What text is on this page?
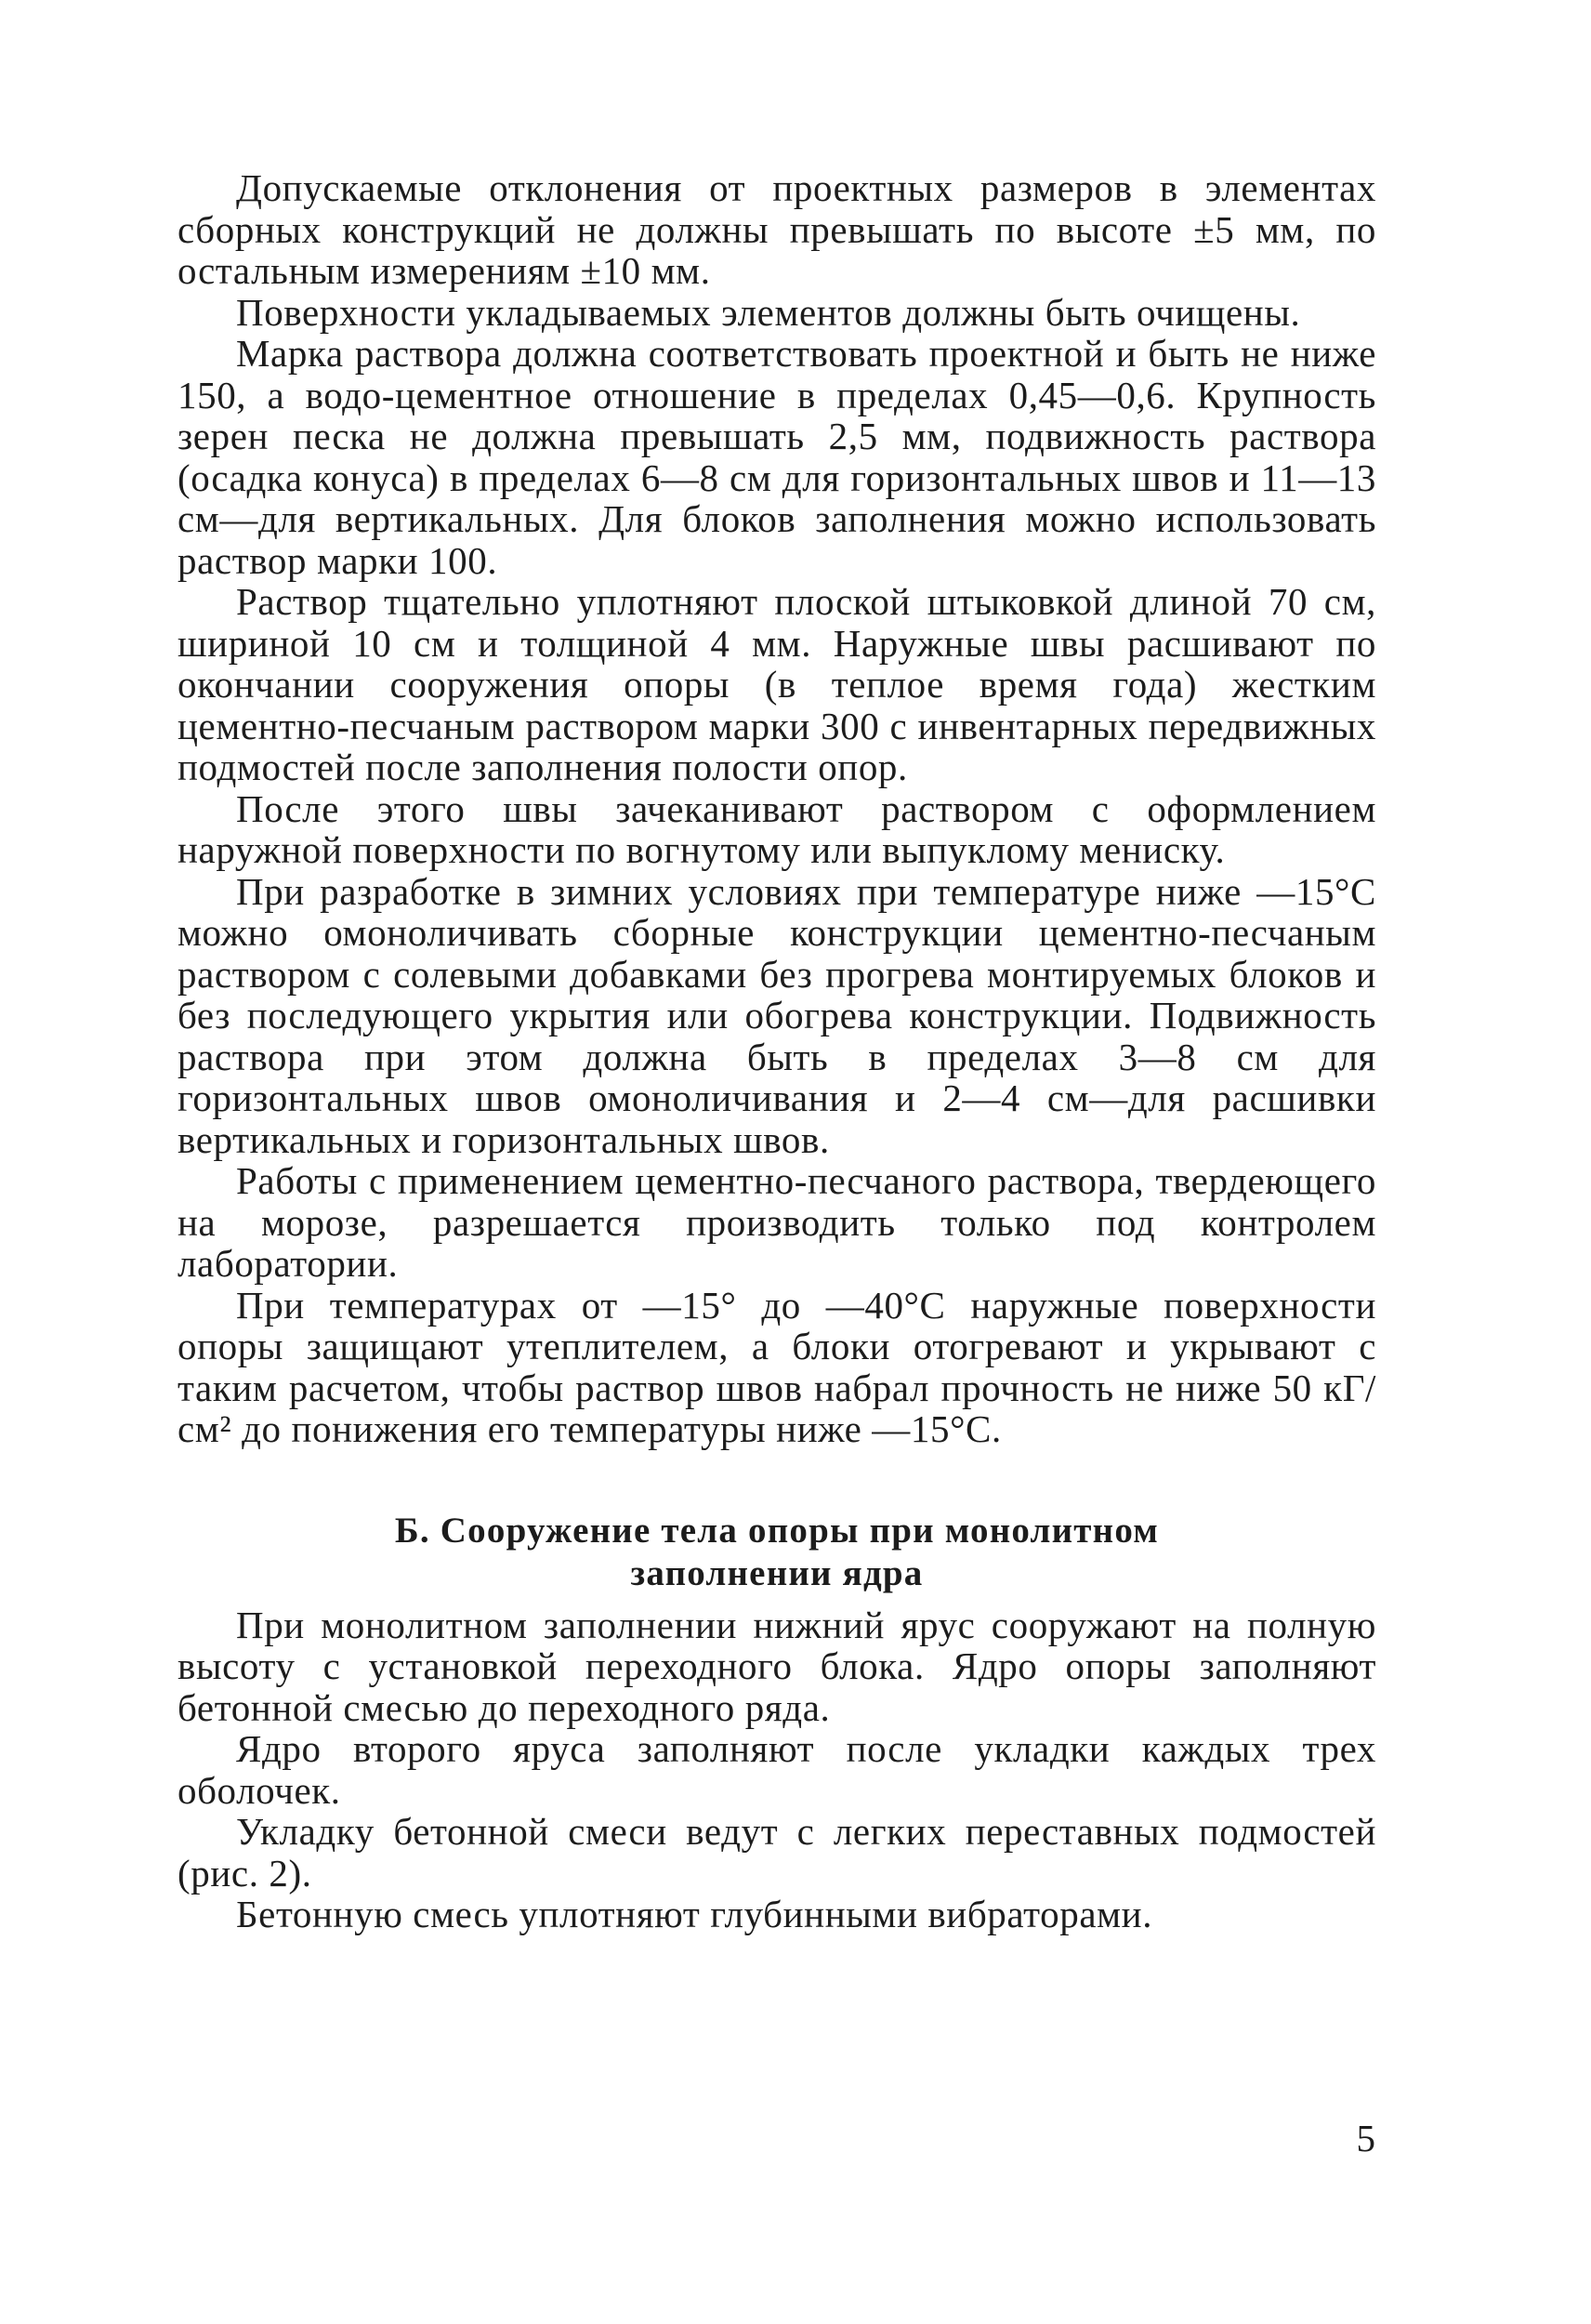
Допускаемые отклонения от проектных размеров в элементах сборных конструкций не должны превышать по высоте ±5 мм, по остальным измерениям ±10 мм.

Поверхности укладываемых элементов должны быть очищены.

Марка раствора должна соответствовать проектной и быть не ниже 150, а водо-цементное отношение в пределах 0,45—0,6. Крупность зерен песка не должна превышать 2,5 мм, подвижность раствора (осадка конуса) в пределах 6—8 см для горизонтальных швов и 11—13 см—для вертикальных. Для блоков заполнения можно использовать раствор марки 100.

Раствор тщательно уплотняют плоской штыковкой длиной 70 см, шириной 10 см и толщиной 4 мм. Наружные швы расшивают по окончании сооружения опоры (в теплое время года) жестким цементно-песчаным раствором марки 300 с инвентарных передвижных подмостей после заполнения полости опор.

После этого швы зачеканивают раствором с оформлением наружной поверхности по вогнутому или выпуклому мениску.

При разработке в зимних условиях при температуре ниже —15°С можно омоноличивать сборные конструкции цементно-песчаным раствором с солевыми добавками без прогрева монтируемых блоков и без последующего укрытия или обогрева конструкции. Подвижность раствора при этом должна быть в пределах 3—8 см для горизонтальных швов омоноличивания и 2—4 см—для расшивки вертикальных и горизонтальных швов.

Работы с применением цементно-песчаного раствора, твердеющего на морозе, разрешается производить только под контролем лаборатории.

При температурах от —15° до —40°С наружные поверхности опоры защищают утеплителем, а блоки отогревают и укрывают с таким расчетом, чтобы раствор швов набрал прочность не ниже 50 кГ/см² до понижения его температуры ниже —15°С.

Б. Сооружение тела опоры при монолитном
заполнении ядра

При монолитном заполнении нижний ярус сооружают на полную высоту с установкой переходного блока. Ядро опоры заполняют бетонной смесью до переходного ряда.

Ядро второго яруса заполняют после укладки каждых трех оболочек.

Укладку бетонной смеси ведут с легких переставных подмостей (рис. 2).

Бетонную смесь уплотняют глубинными вибраторами.

5
